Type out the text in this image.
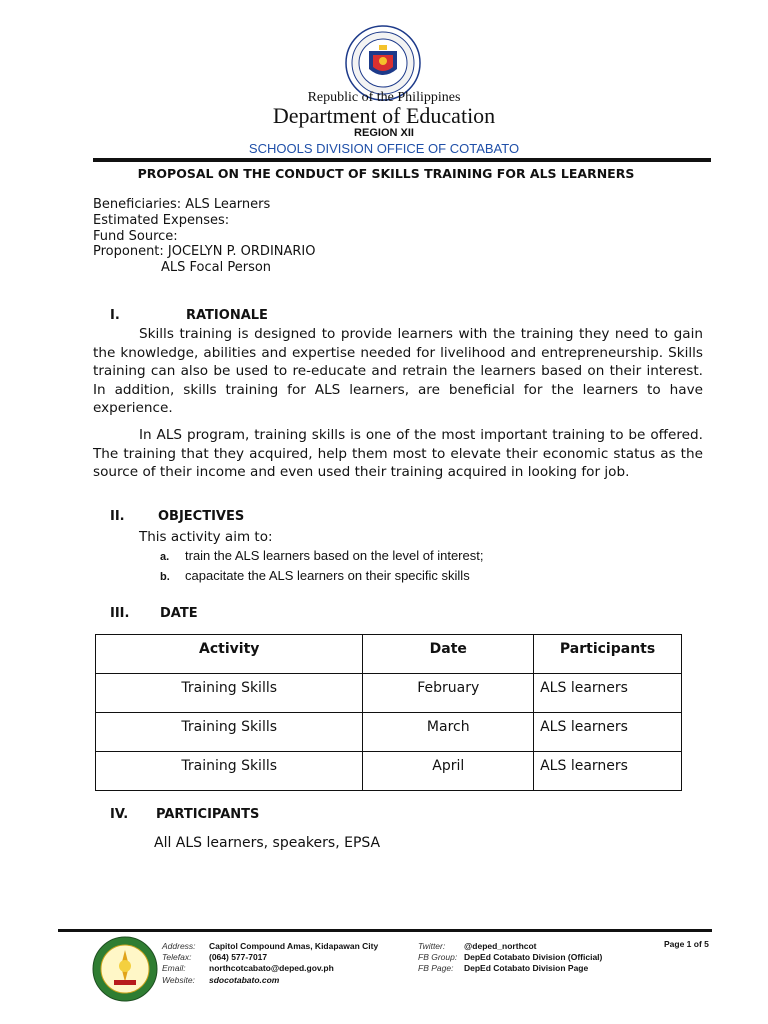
Republic of the Philippines
Department of Education
REGION XII
SCHOOLS DIVISION OFFICE OF COTABATO
PROPOSAL ON THE CONDUCT OF SKILLS TRAINING FOR ALS LEARNERS
Beneficiaries: ALS Learners
Estimated Expenses:
Fund Source:
Proponent: JOCELYN P. ORDINARIO
ALS Focal Person
I.	RATIONALE
Skills training is designed to provide learners with the training they need to gain the knowledge, abilities and expertise needed for livelihood and entrepreneurship. Skills training can also be used to re-educate and retrain the learners based on their interest. In addition, skills training for ALS learners, are beneficial for the learners to have experience.
In ALS program, training skills is one of the most important training to be offered. The training that they acquired, help them most to elevate their economic status as the source of their income and even used their training acquired in looking for job.
II.	OBJECTIVES
This activity aim to:
a. train the ALS learners based on the level of interest;
b. capacitate the ALS learners on their specific skills
III. DATE
Activity	Date	Participants
Training Skills	February	ALS learners
Training Skills	March	ALS learners
Training Skills	April	ALS learners
IV. PARTICIPANTS
All ALS learners, speakers, EPSA
Address: Capitol Compound Amas, Kidapawan City
Telefax: (064) 577-7017
Email:	northcotcabato@deped.gov.ph
Website: sdocotabato.com
Twitter: @deped_northcot
FB Group: DepEd Cotabato Division (Official)
FB Page: DepEd Cotabato Division Page
Page 1 of 5
